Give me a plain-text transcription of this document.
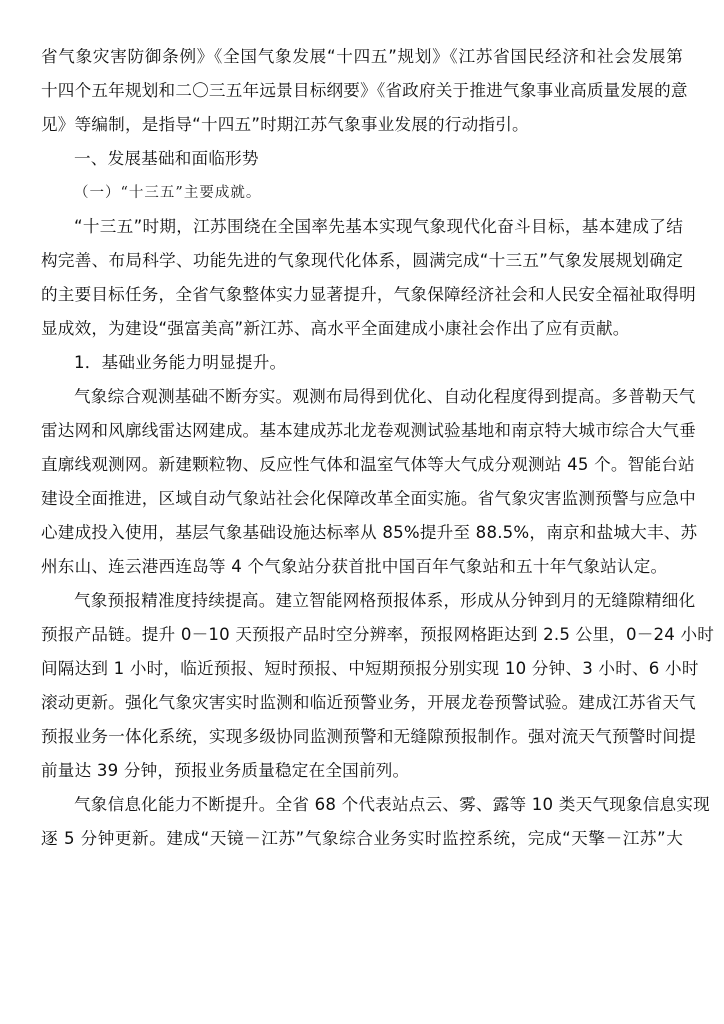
省气象灾害防御条例》《全国气象发展“十四五”规划》《江苏省国民经济和社会发展第
十四个五年规划和二〇三五年远景目标纲要》《省政府关于推进气象事业高质量发展的意
见》等编制，是指导“十四五”时期江苏气象事业发展的行动指引。
一、发展基础和面临形势
（一）“十三五”主要成就。
“十三五”时期，江苏围绕在全国率先基本实现气象现代化奋斗目标，基本建成了结
构完善、布局科学、功能先进的气象现代化体系，圆满完成“十三五”气象发展规划确定
的主要目标任务，全省气象整体实力显著提升，气象保障经济社会和人民安全福祉取得明
显成效，为建设“强富美高”新江苏、高水平全面建成小康社会作出了应有贡献。
1．基础业务能力明显提升。
气象综合观测基础不断夯实。观测布局得到优化、自动化程度得到提高。多普勒天气
雷达网和风廓线雷达网建成。基本建成苏北龙卷观测试验基地和南京特大城市综合大气垂
直廓线观测网。新建颗粒物、反应性气体和温室气体等大气成分观测站 45 个。智能台站
建设全面推进，区域自动气象站社会化保障改革全面实施。省气象灾害监测预警与应急中
心建成投入使用，基层气象基础设施达标率从 85%提升至 88.5%，南京和盐城大丰、苏
州东山、连云港西连岛等 4 个气象站分获首批中国百年气象站和五十年气象站认定。
气象预报精准度持续提高。建立智能网格预报体系，形成从分钟到月的无缝隙精细化
预报产品链。提升 0－10 天预报产品时空分辨率，预报网格距达到 2.5 公里，0－24 小时
间隔达到 1 小时，临近预报、短时预报、中短期预报分别实现 10 分钟、3 小时、6 小时
滚动更新。强化气象灾害实时监测和临近预警业务，开展龙卷预警试验。建成江苏省天气
预报业务一体化系统，实现多级协同监测预警和无缝隙预报制作。强对流天气预警时间提
前量达 39 分钟，预报业务质量稳定在全国前列。
气象信息化能力不断提升。全省 68 个代表站点云、雾、露等 10 类天气现象信息实现
逐 5 分钟更新。建成“天镜－江苏”气象综合业务实时监控系统，完成“天擎－江苏”大
